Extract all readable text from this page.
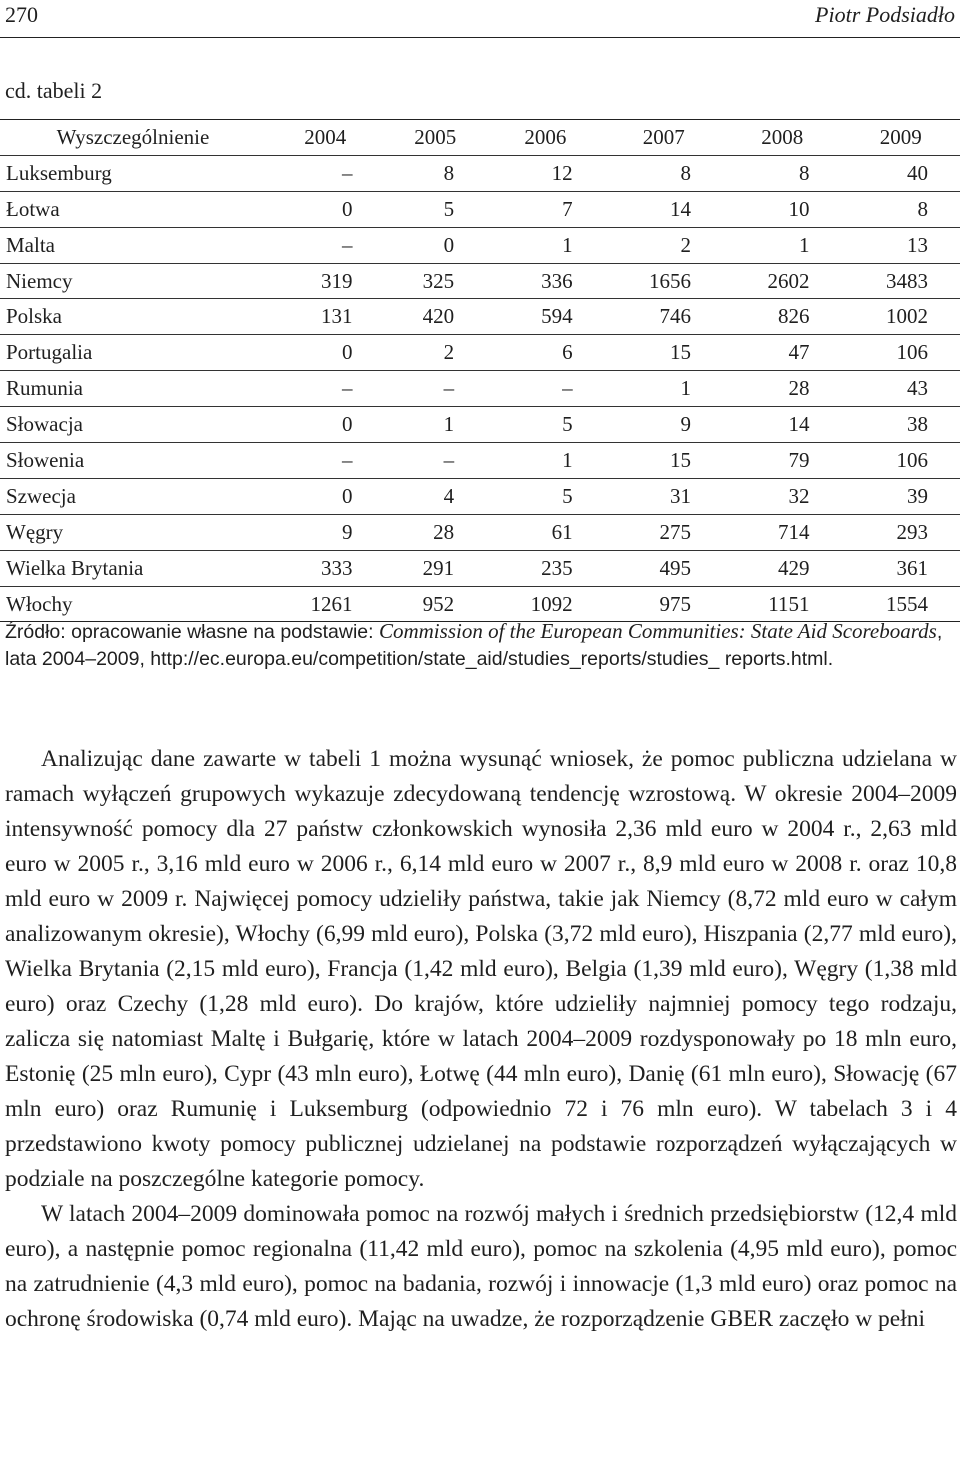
270	Piotr Podsiadło
cd. tabeli 2
Wyszczególnienie	2004	2005	2006	2007	2008	2009
Luksemburg	–	8	12	8	8	40
Łotwa	0	5	7	14	10	8
Malta	–	0	1	2	1	13
Niemcy	319	325	336	1656	2602	3483
Polska	131	420	594	746	826	1002
Portugalia	0	2	6	15	47	106
Rumunia	–	–	–	1	28	43
Słowacja	0	1	5	9	14	38
Słowenia	–	–	1	15	79	106
Szwecja	0	4	5	31	32	39
Węgry	9	28	61	275	714	293
Wielka Brytania	333	291	235	495	429	361
Włochy	1261	952	1092	975	1151	1554
Źródło: opracowanie własne na podstawie: Commission of the European Communities: State Aid Scoreboards, lata 2004–2009, http://ec.europa.eu/competition/state_aid/studies_reports/studies_ reports.html.

Analizując dane zawarte w tabeli 1 można wysunąć wniosek, że pomoc publiczna udzielana w ramach wyłączeń grupowych wykazuje zdecydowaną tendencję wzrostową. W okresie 2004–2009 intensywność pomocy dla 27 państw członkowskich wynosiła 2,36 mld euro w 2004 r., 2,63 mld euro w 2005 r., 3,16 mld euro w 2006 r., 6,14 mld euro w 2007 r., 8,9 mld euro w 2008 r. oraz 10,8 mld euro w 2009 r. Najwięcej pomocy udzieliły państwa, takie jak Niemcy (8,72 mld euro w całym analizowanym okresie), Włochy (6,99 mld euro), Polska (3,72 mld euro), Hiszpania (2,77 mld euro), Wielka Brytania (2,15 mld euro), Francja (1,42 mld euro), Belgia (1,39 mld euro), Węgry (1,38 mld euro) oraz Czechy (1,28 mld euro). Do krajów, które udzieliły najmniej pomocy tego rodzaju, zalicza się natomiast Maltę i Bułgarię, które w latach 2004–2009 rozdysponowały po 18 mln euro, Estonię (25 mln euro), Cypr (43 mln euro), Łotwę (44 mln euro), Danię (61 mln euro), Słowację (67 mln euro) oraz Rumunię i Luksemburg (odpowiednio 72 i 76 mln euro). W tabelach 3 i 4 przedstawiono kwoty pomocy publicznej udzielanej na podstawie rozporządzeń wyłączających w podziale na poszczególne kategorie pomocy.

W latach 2004–2009 dominowała pomoc na rozwój małych i średnich przedsiębiorstw (12,4 mld euro), a następnie pomoc regionalna (11,42 mld euro), pomoc na szkolenia (4,95 mld euro), pomoc na zatrudnienie (4,3 mld euro), pomoc na badania, rozwój i innowacje (1,3 mld euro) oraz pomoc na ochronę środowiska (0,74 mld euro). Mając na uwadze, że rozporządzenie GBER zaczęło w pełni
